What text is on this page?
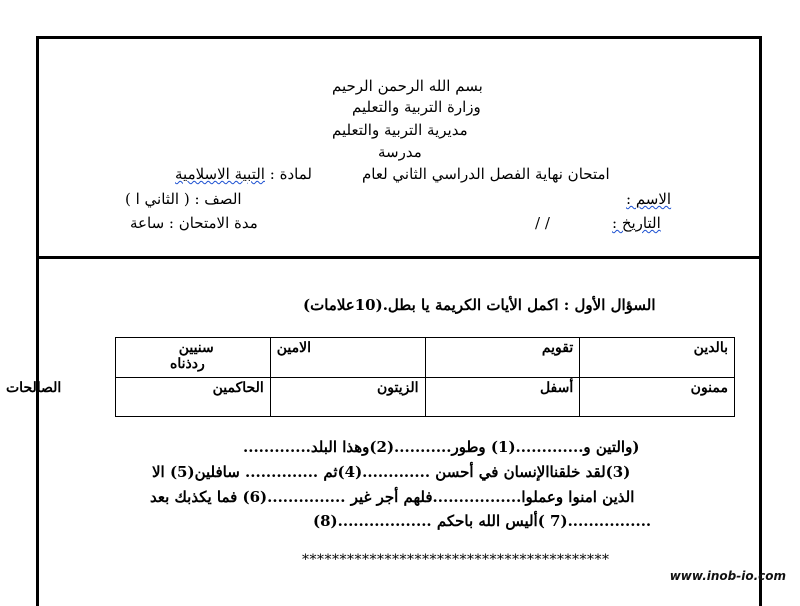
بسم الله الرحمن الرحيم
وزارة التربية والتعليم
مديرية التربية والتعليم
مدرسة
امتحان نهاية الفصل الدراسي الثاني لعام
لمادة : التبية الاسلامية
الاسم :
الصف : ( الثاني ا )
التاريخ :
/ /
مدة الامتحان : ساعة
السؤال الأول : اكمل الأيات الكريمة يا بطل.(10علامات)
بالدين	تقويم	الامين	سنيين
ردذناه

ممنون	أسفل	الزيتون	الحاكمين
الصالحات
(والتين و.............(1) وطور...........(2)وهذا البلد.............
(3)لقد خلقناالإنسان في أحسن .............(4)ثم .............. سافلين(5) الا
الذين امنوا وعملوا.................فلهم أجر غير ...............(6) فما يكذبك بعد
................(7 )أليس الله باحكم ..................(8)
*****************************************
www.inob-io.com
